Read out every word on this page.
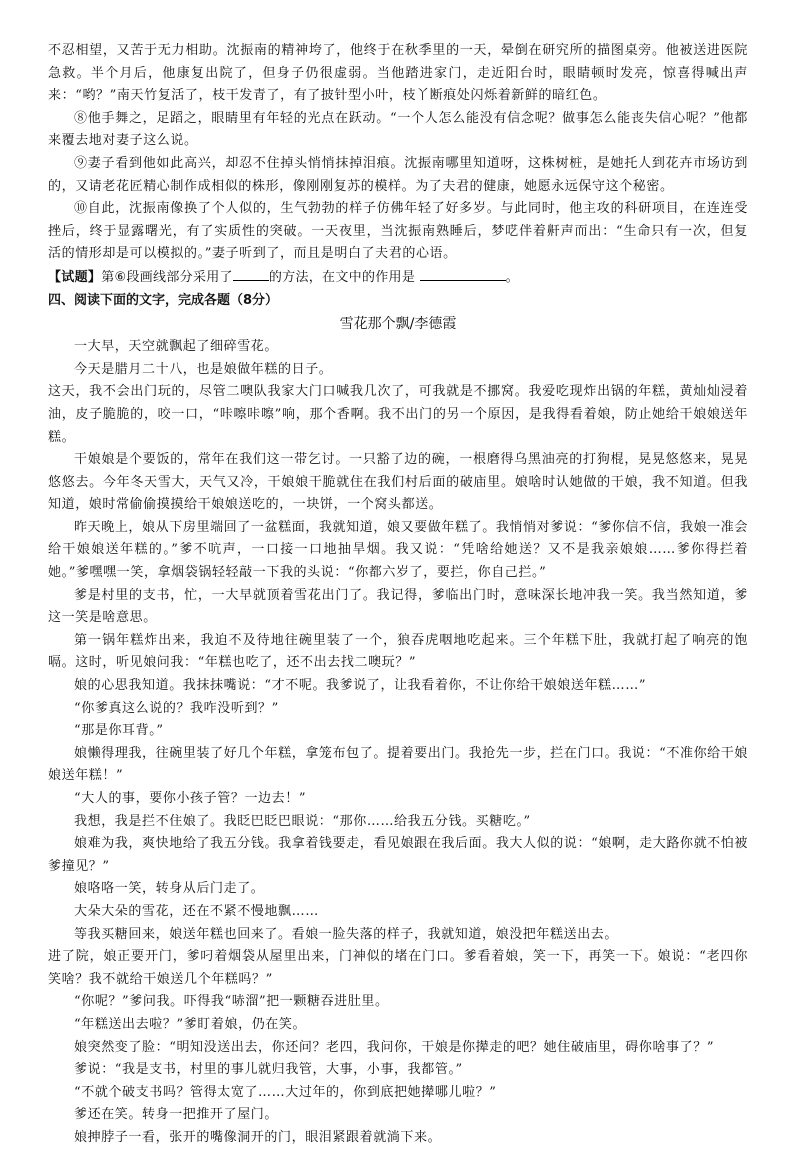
不忍相望，又苦于无力相助。沈振南的精神垮了，他终于在秋季里的一天，晕倒在研究所的描图桌旁。他被送进医院急救。半个月后，他康复出院了，但身子仍很虚弱。当他踏进家门，走近阳台时，眼睛顿时发亮，惊喜得喊出声来：“哟？”南天竹复活了，枝干发青了，有了披针型小叶，枝丫断痕处闪烁着新鲜的暗红色。

⑧他手舞之，足蹈之，眼睛里有年轻的光点在跃动。“一个人怎么能没有信念呢？做事怎么能丧失信心呢？”他都来覆去地对妻子这么说。

⑨妻子看到他如此高兴，却忍不住掉头悄悄抹掉泪痕。沈振南哪里知道呀，这株树桩，是她托人到花卉市场访到的，又请老花匠精心制作成相似的株形，像刚刚复苏的模样。为了夫君的健康，她愿永远保守这个秘密。

⑩自此，沈振南像换了个人似的，生气勃勃的样子仿佛年轻了好多岁。与此同时，他主攻的科研项目，在连连受挫后，终于显露曙光，有了实质性的突破。一天夜里，当沈振南熟睡后，梦呓伴着鼾声而出：“生命只有一次，但复活的情形却是可以模拟的。”妻子听到了，而且是明白了夫君的心语。

【试题】第⑥段画线部分采用了	的方法，在文中的作用是	。

四、阅读下面的文字，完成各题（8分）

雪花那个飘/李德霞

一大早，天空就飘起了细碎雪花。

今天是腊月二十八，也是娘做年糕的日子。

这天，我不会出门玩的，尽管二噢队我家大门口喊我几次了，可我就是不挪窝。我爱吃现炸出锅的年糕，黄灿灿浸着油，皮子脆脆的，咬一口，“咔嚓咔嚓”响，那个香啊。我不出门的另一个原因，是我得看着娘，防止她给干娘娘送年糕。

干娘娘是个要饭的，常年在我们这一带乞讨。一只豁了边的碗，一根磨得乌黑油亮的打狗棍，晃晃悠悠来，晃晃悠悠去。今年冬天雪大，天气又冷，干娘娘干脆就住在我们村后面的破庙里。娘啥时认她做的干娘，我不知道。但我知道，娘时常偷偷摸摸给干娘娘送吃的，一块饼，一个窝头都送。

昨天晚上，娘从下房里端回了一盆糕面，我就知道，娘又要做年糕了。我悄悄对爹说：“爹你信不信，我娘一准会给干娘娘送年糕的。”爹不吭声，一口接一口地抽旱烟。我又说：“凭啥给她送？又不是我亲娘娘……爹你得拦着她。”爹嘿嘿一笑，拿烟袋锅轻轻敲一下我的头说：“你都六岁了，要拦，你自己拦。”

爹是村里的支书，忙，一大早就顶着雪花出门了。我记得，爹临出门时，意味深长地冲我一笑。我当然知道，爹这一笑是啥意思。

第一锅年糕炸出来，我迫不及待地往碗里装了一个，狼吞虎咽地吃起来。三个年糕下肚，我就打起了响亮的饱嗝。这时，听见娘问我：“年糕也吃了，还不出去找二噢玩？”

娘的心思我知道。我抹抹嘴说：“才不呢。我爹说了，让我看着你，不让你给干娘娘送年糕……”

“你爹真这么说的？我咋没听到？”

“那是你耳背。”

娘懒得理我，往碗里装了好几个年糕，拿笼布包了。提着要出门。我抢先一步，拦在门口。我说：“不准你给干娘娘送年糕！”

“大人的事，要你小孩子管？一边去！”

我想，我是拦不住娘了。我眨巴眨巴眼说：“那你……给我五分钱。买糖吃。”

娘难为我，爽快地给了我五分钱。我拿着钱要走，看见娘跟在我后面。我大人似的说：“娘啊，走大路你就不怕被爹撞见？”

娘咯咯一笑，转身从后门走了。

大朵大朵的雪花，还在不紧不慢地飘……

等我买糖回来，娘送年糕也回来了。看娘一脸失落的样子，我就知道，娘没把年糕送出去。

进了院，娘正要开门，爹叼着烟袋从屋里出来，门神似的堵在门口。爹看着娘，笑一下，再笑一下。娘说：“老四你笑啥？我不就给干娘送几个年糕吗？”

“你呢？”爹问我。吓得我“哧溜”把一颗糖吞进肚里。

“年糕送出去啦？”爹盯着娘，仍在笑。

娘突然变了脸：“明知没送出去，你还问？老四，我问你，干娘是你撵走的吧？她住破庙里，碍你啥事了？”

爹说：“我是支书，村里的事儿就归我管，大事，小事，我都管。”

“不就个破支书吗？管得太宽了……大过年的，你到底把她撵哪儿啦？”

爹还在笑。转身一把推开了屋门。

娘抻脖子一看，张开的嘴像洞开的门，眼泪紧跟着就淌下来。
